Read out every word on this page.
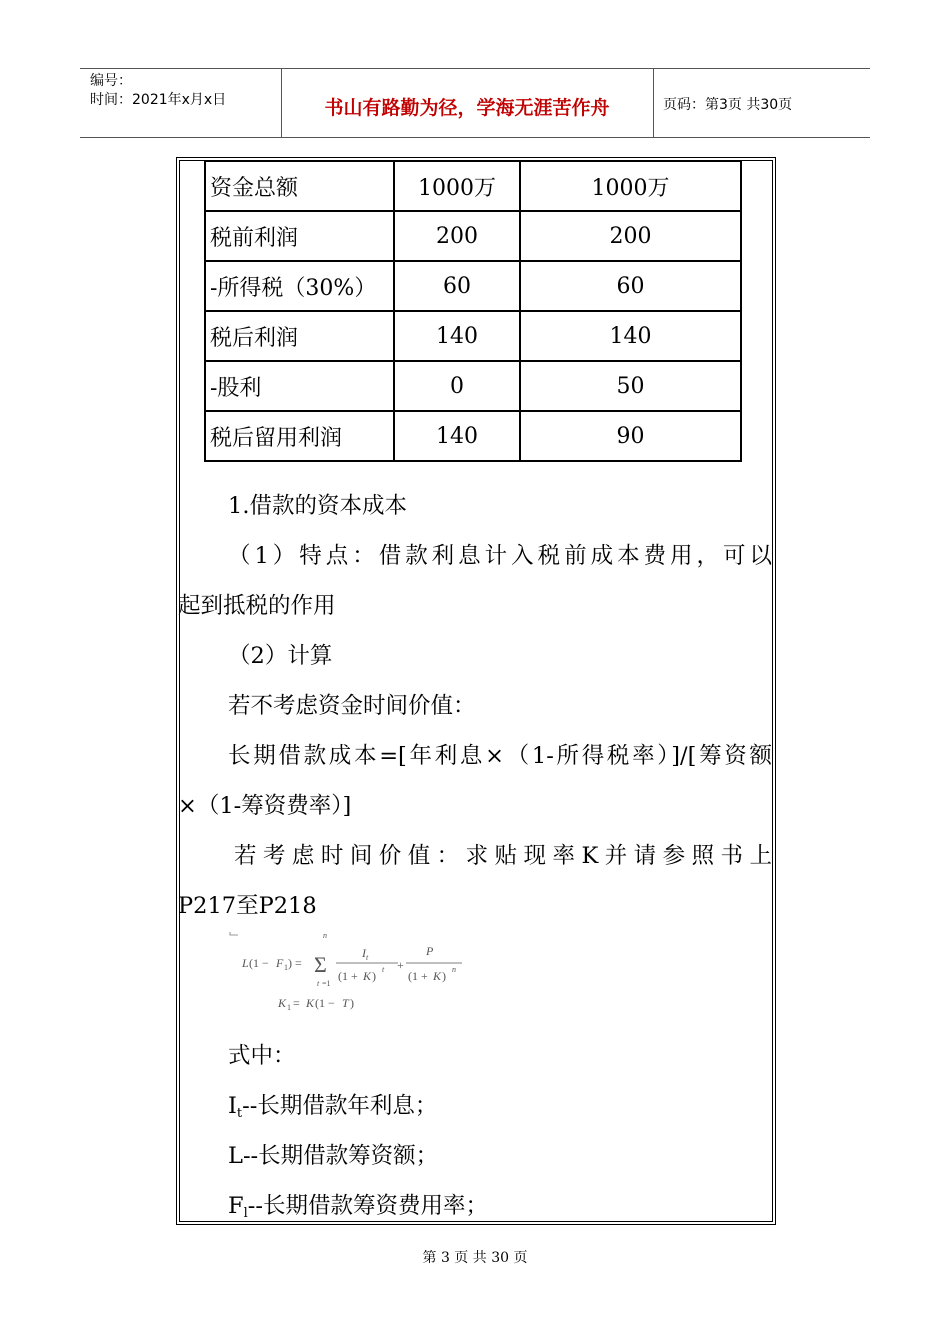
编号：
时间：2021年x月x日	书山有路勤为径，学海无涯苦作舟	页码：第3页 共30页
资金总额	1000万	1000万
税前利润	200	200
-所得税（30%）	60	60
税后利润	140	140
-股利	0	50
税后留用利润	140	90
1.借款的资本成本
（1）特点：借款利息计入税前成本费用，可以
起到抵税的作用
（2）计算
若不考虑资金时间价值：
长期借款成本=[年利息×（1-所得税率）]/[筹资额
×（1-筹资费率）]
若考虑时间价值：求贴现率K并请参照书上
P217至P218
L (1 − F 1 ) =
n
Σ
t =1
I t
(1 + K ) t +
P
(1 + K ) n
K 1 = K (1 − T )
式中：
It--长期借款年利息；
L--长期借款筹资额；
Fl--长期借款筹资费用率；
第 3 页 共 30 页
